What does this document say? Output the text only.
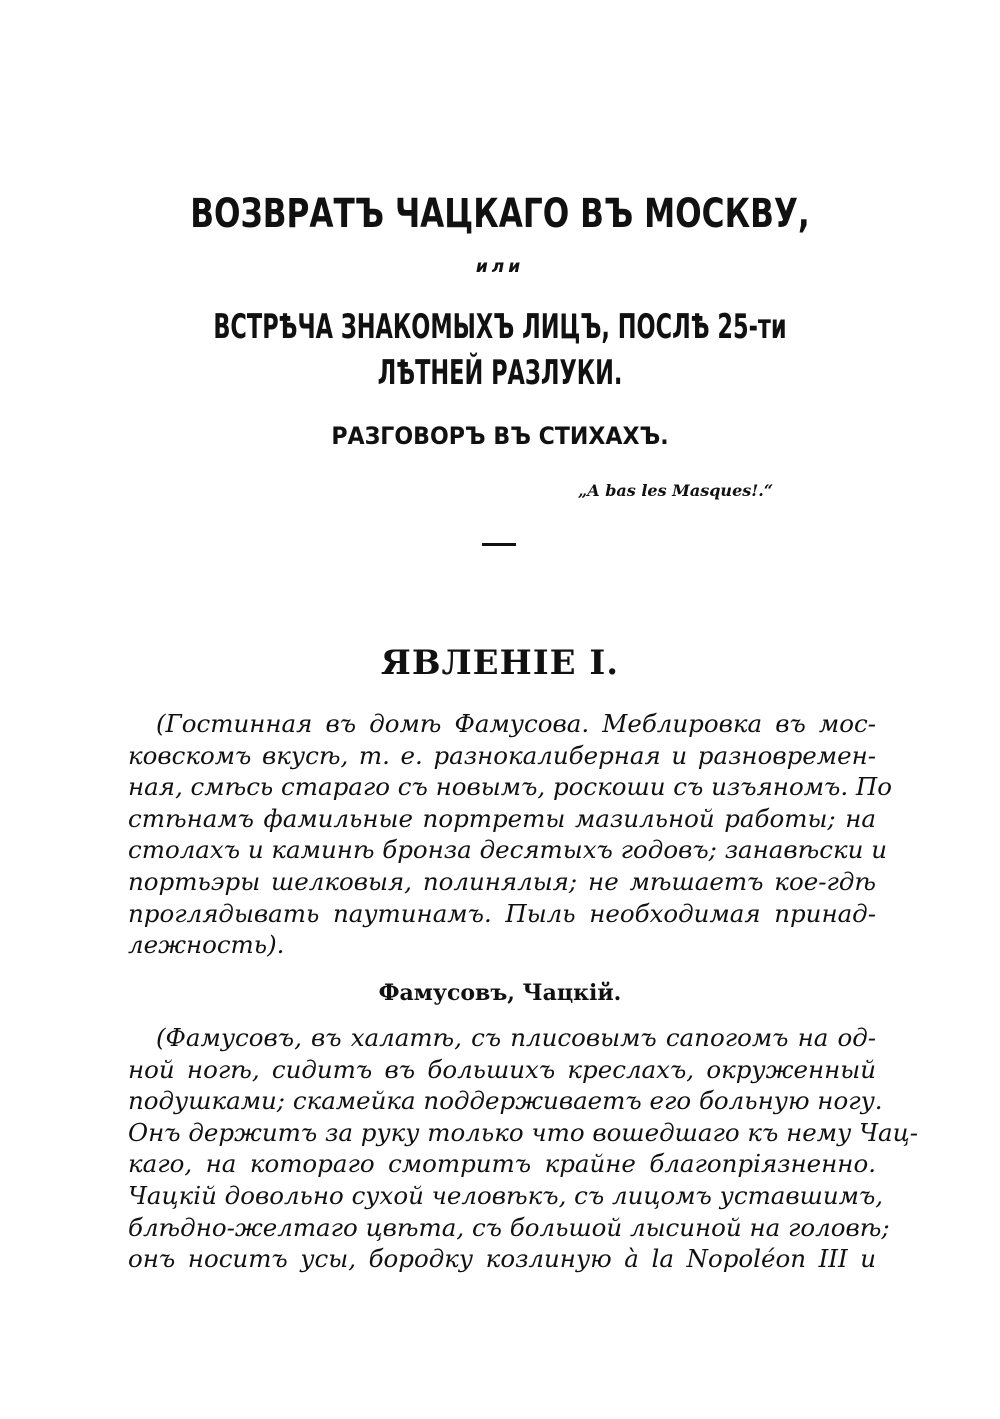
ВОЗВРАТЪ ЧАЦКАГО ВЪ МОСКВУ,
или
ВСТРѢЧА ЗНАКОМЫХЪ ЛИЦЪ, ПОСЛѢ 25-ти ЛѢТНЕЙ РАЗЛУКИ.
РАЗГОВОРЪ ВЪ СТИХАХЪ.
„A bas les Masques!.“
ЯВЛЕНІЕ I.
(Гостинная въ домѣ Фамусова. Меблировка въ мос-
ковскомъ вкусѣ, т. е. разнокалиберная и разновремен-
ная, смѣсь стараго съ новымъ, роскоши съ изъяномъ. По
стѣнамъ фамильные портреты мазильной работы; на
столахъ и каминѣ бронза десятыхъ годовъ; занавѣски и
портьэры шелковыя, полинялыя; не мѣшаетъ кое-гдѣ
проглядывать паутинамъ. Пыль необходимая принад-
лежность).
Фамусовъ, Чацкій.
(Фамусовъ, въ халатѣ, съ плисовымъ сапогомъ на од-
ной ногѣ, сидитъ въ большихъ креслахъ, окруженный
подушками; скамейка поддерживаетъ его больную ногу.
Онъ держитъ за руку только что вошедшаго къ нему Чац-
каго, на котораго смотритъ крайне благопріязненно.
Чацкій довольно сухой человѣкъ, съ лицомъ уставшимъ,
блѣдно-желтаго цвѣта, съ большой лысиной на головѣ;
онъ носитъ усы, бородку козлиную à la Nopoléon III и
